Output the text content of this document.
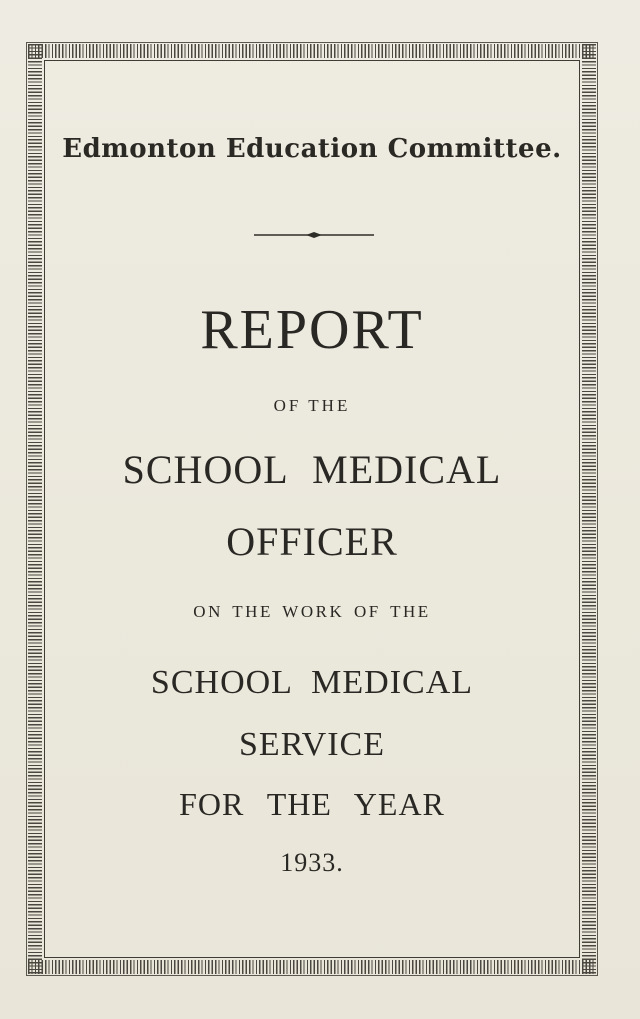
Edmonton Education Committee.
REPORT
OF THE
SCHOOL MEDICAL
OFFICER
ON THE WORK OF THE
SCHOOL MEDICAL
SERVICE
FOR THE YEAR
1933.
